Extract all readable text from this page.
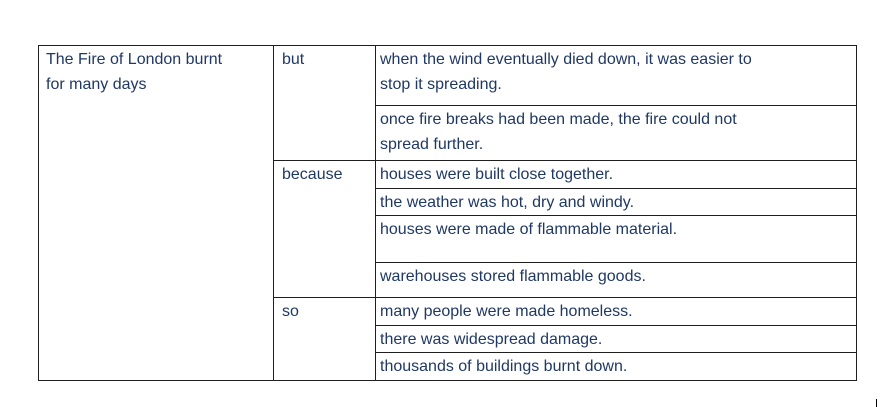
The Fire of London burnt
for many days
but
because
so
when the wind eventually died down, it was easier to
stop it spreading.
once fire breaks had been made, the fire could not
spread further.
houses were built close together.
the weather was hot, dry and windy.
houses were made of flammable material.
warehouses stored flammable goods.
many people were made homeless.
there was widespread damage.
thousands of buildings burnt down.
